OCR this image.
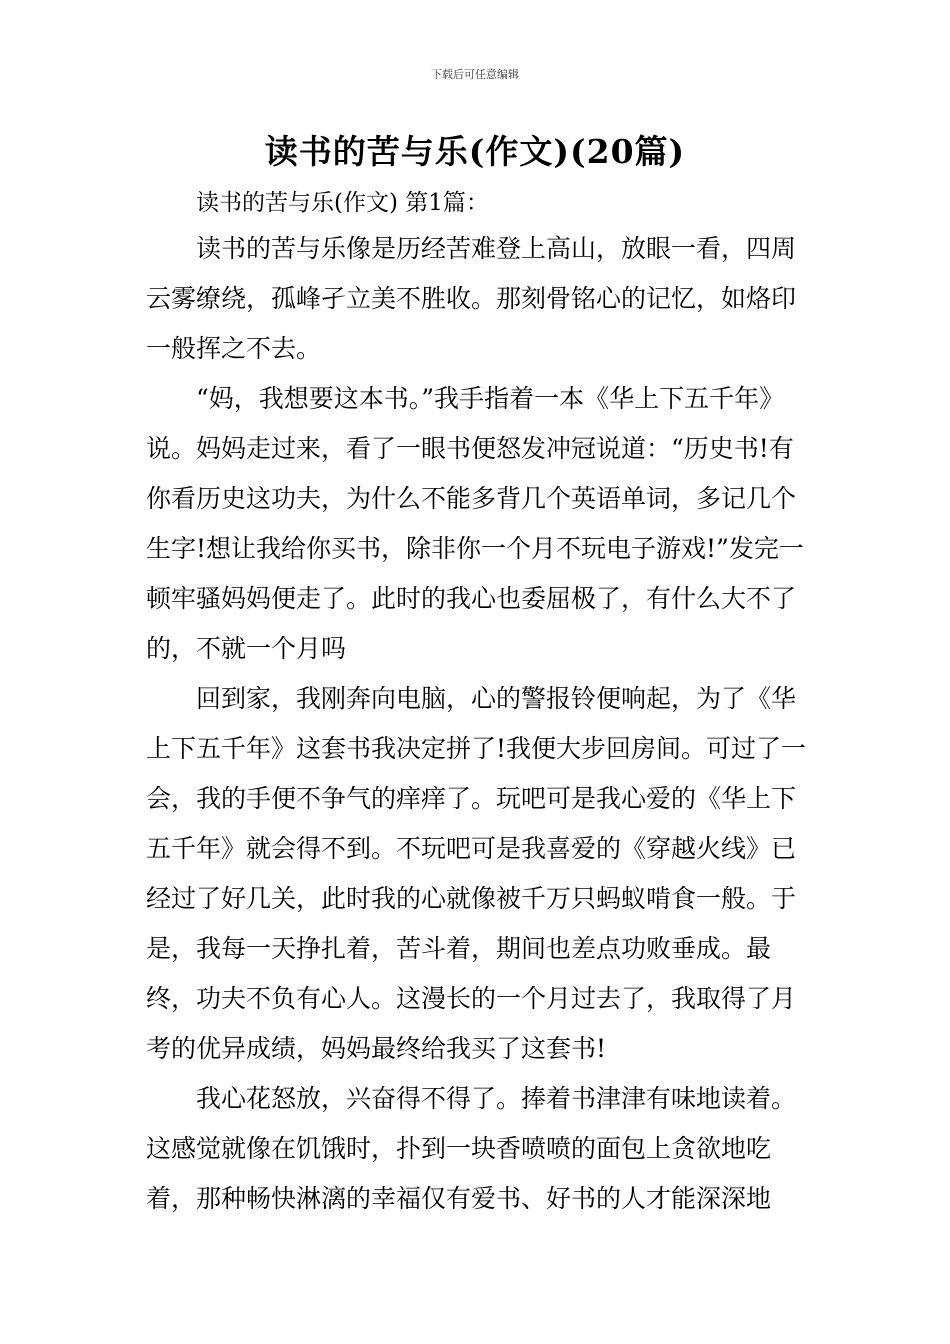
下载后可任意编辑
读书的苦与乐(作文)(20篇)
读书的苦与乐(作文) 第1篇：

读书的苦与乐像是历经苦难登上高山，放眼一看，四周云雾缭绕，孤峰孑立美不胜收。那刻骨铭心的记忆，如烙印一般挥之不去。

“妈，我想要这本书。”我手指着一本《华上下五千年》说。妈妈走过来，看了一眼书便怒发冲冠说道：“历史书!有你看历史这功夫，为什么不能多背几个英语单词，多记几个生字!想让我给你买书，除非你一个月不玩电子游戏!”发完一顿牢骚妈妈便走了。此时的我心也委屈极了，有什么大不了的，不就一个月吗

回到家，我刚奔向电脑，心的警报铃便响起，为了《华上下五千年》这套书我决定拼了!我便大步回房间。可过了一会，我的手便不争气的痒痒了。玩吧可是我心爱的《华上下五千年》就会得不到。不玩吧可是我喜爱的《穿越火线》已经过了好几关，此时我的心就像被千万只蚂蚁啃食一般。于是，我每一天挣扎着，苦斗着，期间也差点功败垂成。最终，功夫不负有心人。这漫长的一个月过去了，我取得了月考的优异成绩，妈妈最终给我买了这套书!

我心花怒放，兴奋得不得了。捧着书津津有味地读着。这感觉就像在饥饿时，扑到一块香喷喷的面包上贪欲地吃着，那种畅快淋漓的幸福仅有爱书、好书的人才能深深地
